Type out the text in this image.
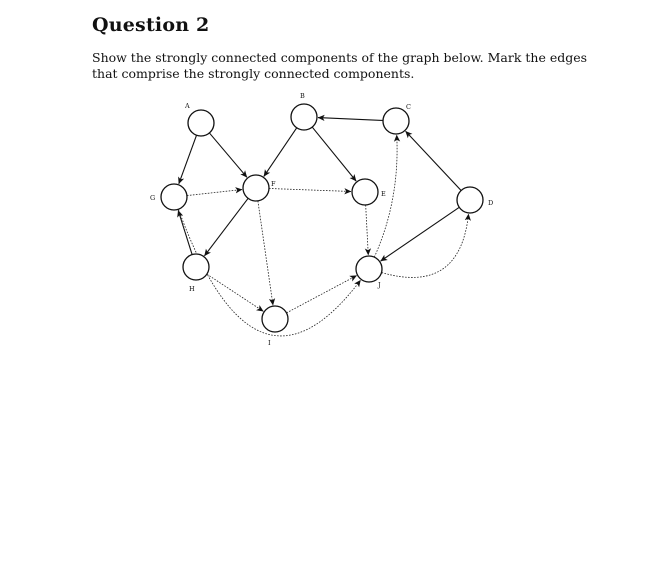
Question 2

Show the strongly connected components of the graph below. Mark the edges
that comprise the strongly connected components.

A
B
C
D
E
F
G
H
I
J
